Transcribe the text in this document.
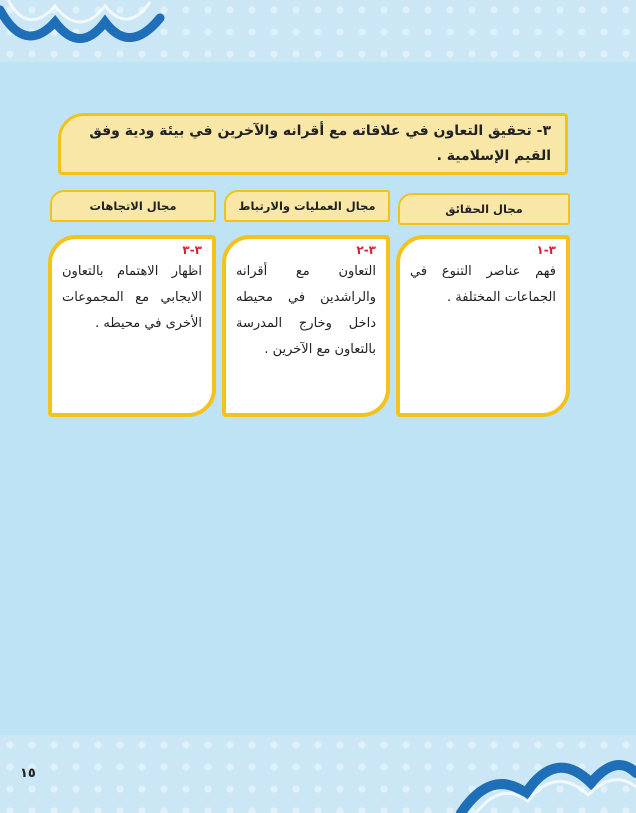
٣- تحقيق التعاون في علاقاته مع أقرانه والآخرين في بيئة ودية وفق القيم الإسلامية .
مجال الحقائق
مجال العمليات والارتباط
مجال الاتجاهات
٣-١
فهم عناصر التنوع في الجماعات المختلفة .
٣-٢
التعاون مع أقرانه والراشدين في محيطه داخل وخارج المدرسة بالتعاون مع الآخرين .
٣-٣
اظهار الاهتمام بالتعاون الايجابي مع المجموعات الأخرى في محيطه .
١٥
